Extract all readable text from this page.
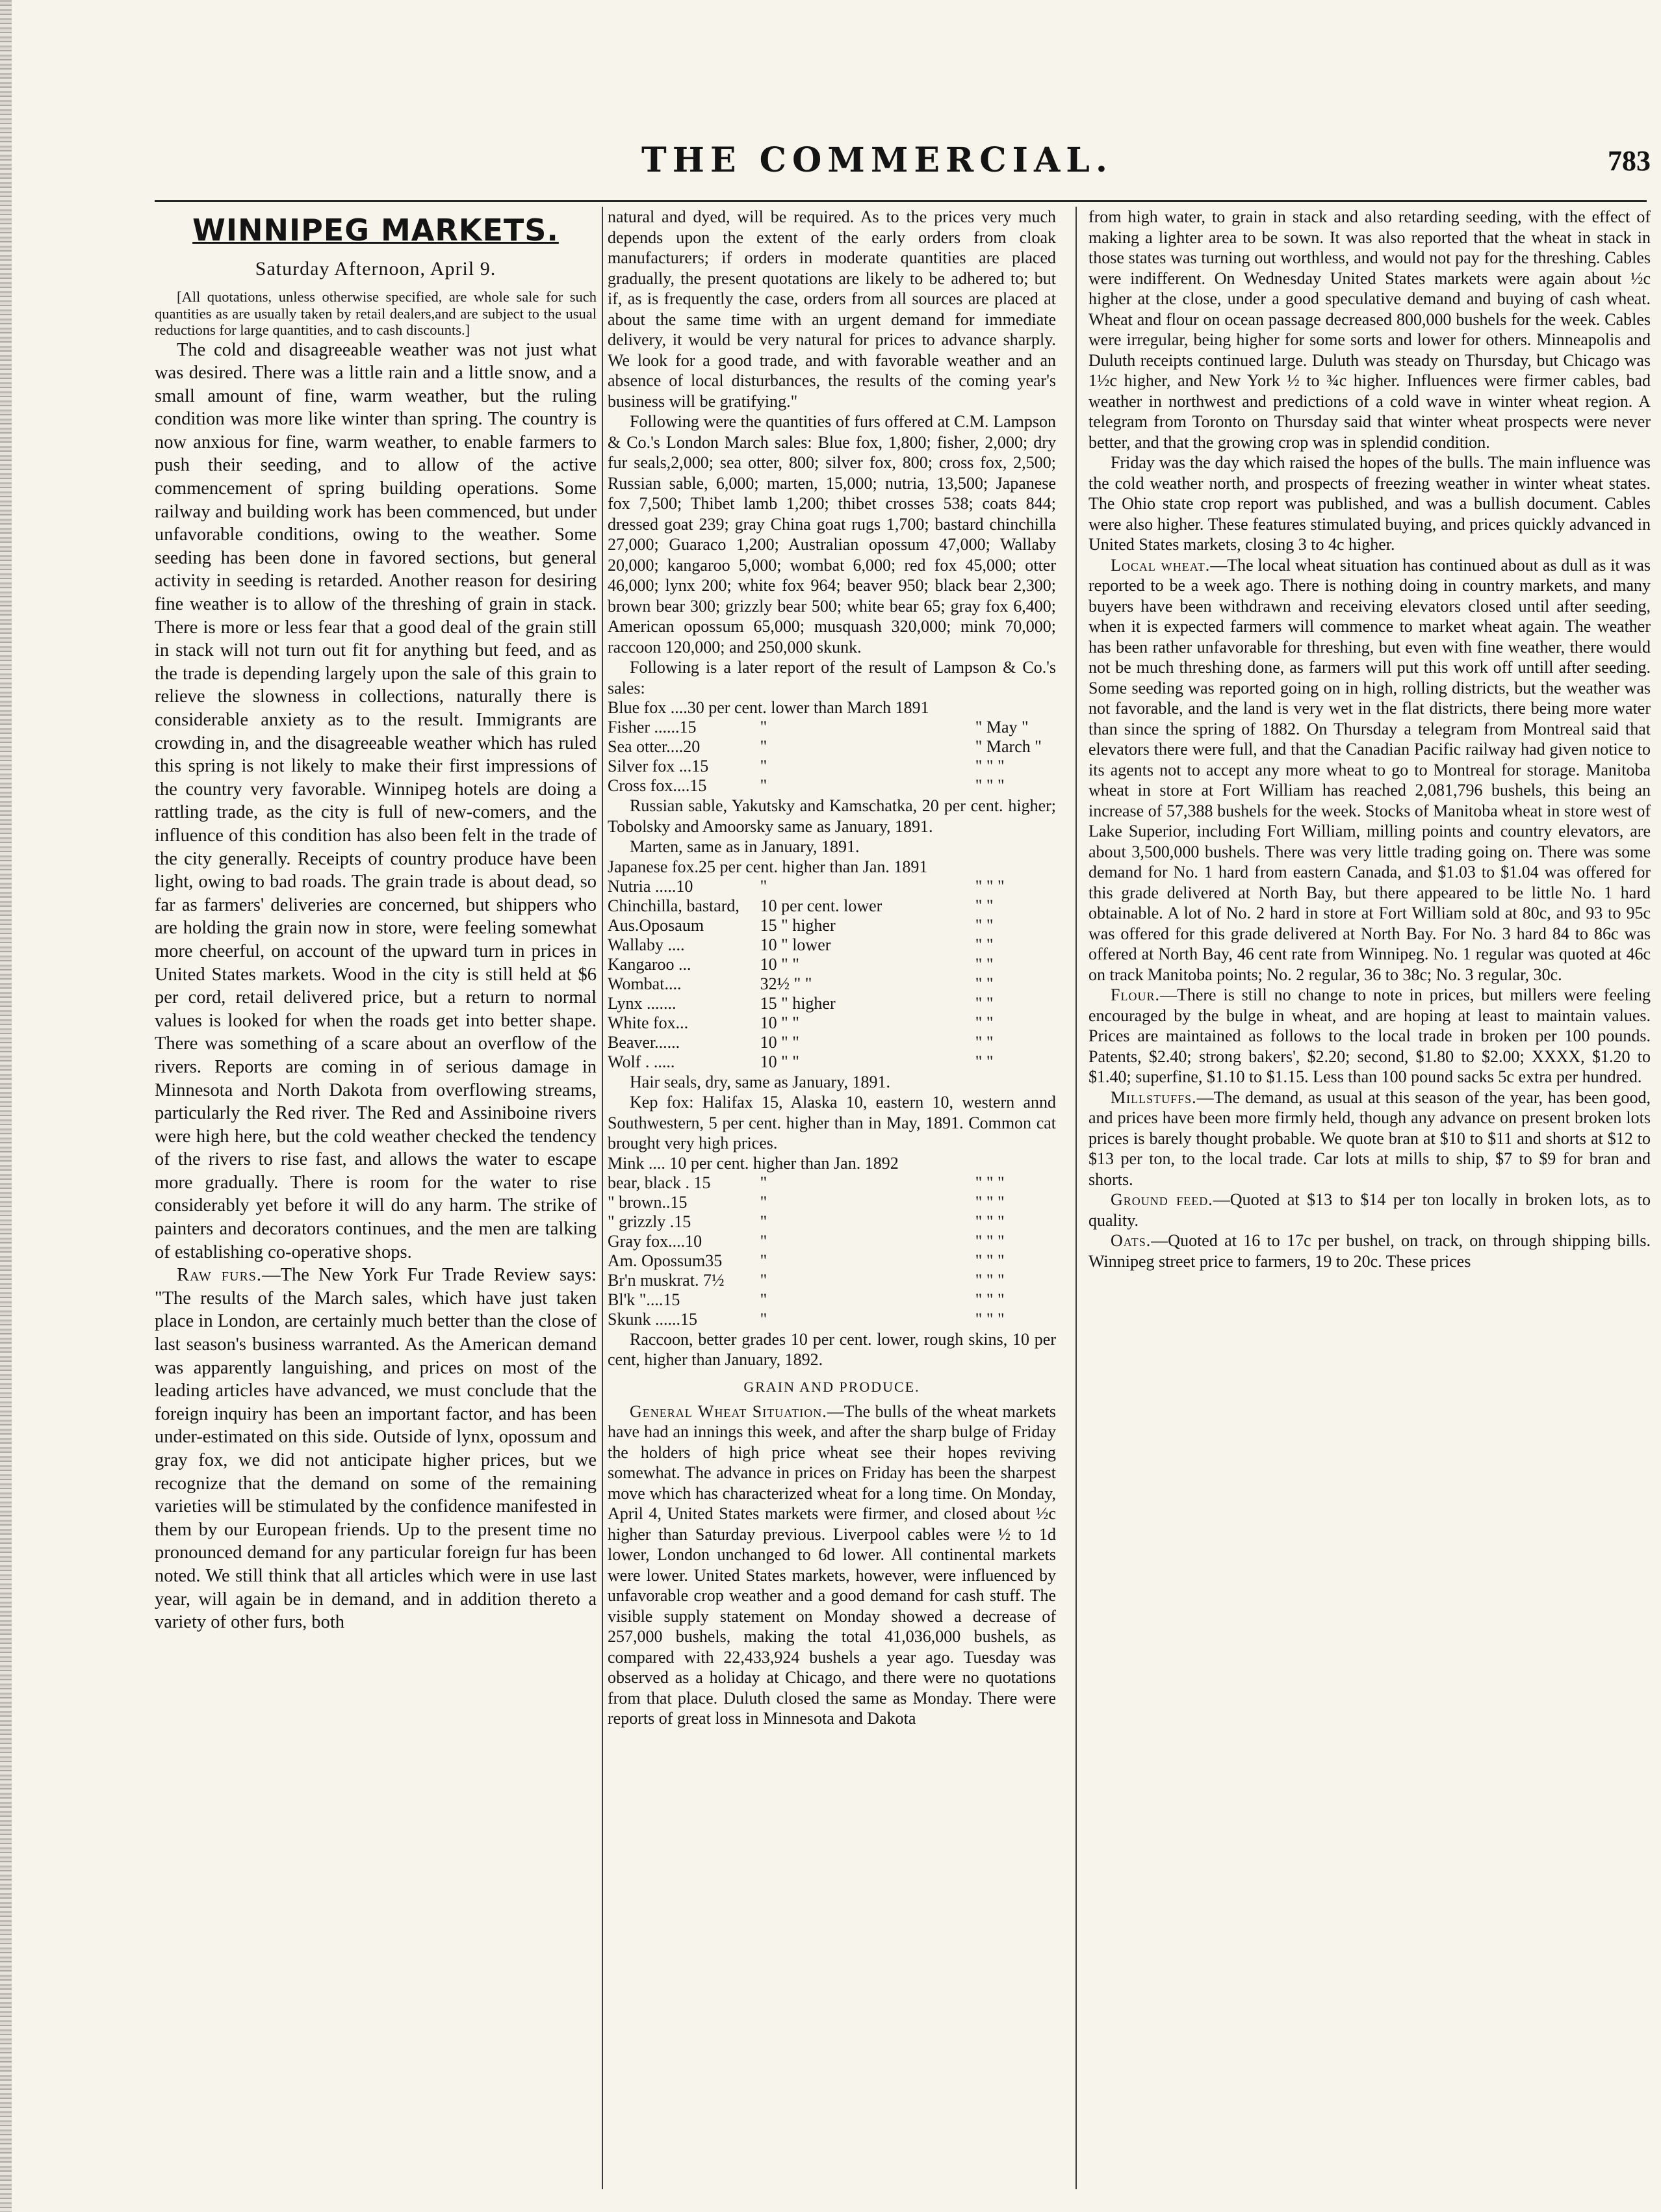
THE COMMERCIAL.	783
WINNIPEG MARKETS.
Saturday Afternoon, April 9.

[All quotations, unless otherwise specified, are whole sale for such quantities as are usually taken by retail dealers,and are subject to the usual reductions for large quantities, and to cash discounts.]

The cold and disagreeable weather was not just what was desired. There was a little rain and a little snow, and a small amount of fine, warm weather, but the ruling condition was more like winter than spring. The country is now anxious for fine, warm weather, to enable farmers to push their seeding, and to allow of the active commencement of spring building operations. Some railway and building work has been commenced, but under unfavorable conditions, owing to the weather. Some seeding has been done in favored sections, but general activity in seeding is retarded. Another reason for desiring fine weather is to allow of the threshing of grain in stack. There is more or less fear that a good deal of the grain still in stack will not turn out fit for anything but feed, and as the trade is depending largely upon the sale of this grain to relieve the slowness in collections, naturally there is considerable anxiety as to the result. Immigrants are crowding in, and the disagreeable weather which has ruled this spring is not likely to make their first impressions of the country very favorable. Winnipeg hotels are doing a rattling trade, as the city is full of new-comers, and the influence of this condition has also been felt in the trade of the city generally. Receipts of country produce have been light, owing to bad roads. The grain trade is about dead, so far as farmers' deliveries are concerned, but shippers who are holding the grain now in store, were feeling somewhat more cheerful, on account of the upward turn in prices in United States markets. Wood in the city is still held at $6 per cord, retail delivered price, but a return to normal values is looked for when the roads get into better shape. There was something of a scare about an overflow of the rivers. Reports are coming in of serious damage in Minnesota and North Dakota from overflowing streams, particularly the Red river. The Red and Assiniboine rivers were high here, but the cold weather checked the tendency of the rivers to rise fast, and allows the water to escape more gradually. There is room for the water to rise considerably yet before it will do any harm. The strike of painters and decorators continues, and the men are talking of establishing co-operative shops.

Raw furs.—The New York Fur Trade Review says: "The results of the March sales, which have just taken place in London, are certainly much better than the close of last season's business warranted. As the American demand was apparently languishing, and prices on most of the leading articles have advanced, we must conclude that the foreign inquiry has been an important factor, and has been under-estimated on this side. Outside of lynx, opossum and gray fox, we did not anticipate higher prices, but we recognize that the demand on some of the remaining varieties will be stimulated by the confidence manifested in them by our European friends. Up to the present time no pronounced demand for any particular foreign fur has been noted. We still think that all articles which were in use last year, will again be in demand, and in addition thereto a variety of other furs, both

natural and dyed, will be required. As to the prices very much depends upon the extent of the early orders from cloak manufacturers; if orders in moderate quantities are placed gradually, the present quotations are likely to be adhered to; but if, as is frequently the case, orders from all sources are placed at about the same time with an urgent demand for immediate delivery, it would be very natural for prices to advance sharply. We look for a good trade, and with favorable weather and an absence of local disturbances, the results of the coming year's business will be gratifying."

Following were the quantities of furs offered at C.M. Lampson & Co.'s London March sales: Blue fox, 1,800; fisher, 2,000; dry fur seals,2,000; sea otter, 800; silver fox, 800; cross fox, 2,500; Russian sable, 6,000; marten, 15,000; nutria, 13,500; Japanese fox 7,500; Thibet lamb 1,200; thibet crosses 538; coats 844; dressed goat 239; gray China goat rugs 1,700; bastard chinchilla 27,000; Guaraco 1,200; Australian opossum 47,000; Wallaby 20,000; kangaroo 5,000; wombat 6,000; red fox 45,000; otter 46,000; lynx 200; white fox 964; beaver 950; black bear 2,300; brown bear 300; grizzly bear 500; white bear 65; gray fox 6,400; American opossum 65,000; musquash 320,000; mink 70,000; raccoon 120,000; and 250,000 skunk.

Following is a later report of the result of Lampson & Co.'s sales:

Blue fox ....30 per cent. lower than March 1891		
Fisher ......15	"	" May "
Sea otter....20	"	" March "
Silver fox ...15	"	" " "
Cross fox....15	"	" " "

Russian sable, Yakutsky and Kamschatka, 20 per cent. higher; Tobolsky and Amoorsky same as January, 1891.

Marten, same as in January, 1891.

Japanese fox.25 per cent. higher than Jan. 1891		
Nutria .....10	"	" " "
Chinchilla, bastard,	10 per cent. lower	" "
Aus.Oposaum	15 " higher	" "
Wallaby ....	10 " lower	" "
Kangaroo ...	10 " "	" "
Wombat....	32½ " "	" "
Lynx .......	15 " higher	" "
White fox...	10 " "	" "
Beaver......	10 " "	" "
Wolf . .....	10 " "	" "

Hair seals, dry, same as January, 1891.

Kep fox: Halifax 15, Alaska 10, eastern 10, western annd Southwestern, 5 per cent. higher than in May, 1891. Common cat brought very high prices.

Mink .... 10 per cent. higher than Jan. 1892		
bear, black . 15	"	" " "
" brown..15	"	" " "
" grizzly .15	"	" " "
Gray fox....10	"	" " "
Am. Opossum35	"	" " "
Br'n muskrat. 7½	"	" " "
Bl'k "....15	"	" " "
Skunk ......15	"	" " "

Raccoon, better grades 10 per cent. lower, rough skins, 10 per cent, higher than January, 1892.

GRAIN AND PRODUCE.

General Wheat Situation.—The bulls of the wheat markets have had an innings this week, and after the sharp bulge of Friday the holders of high price wheat see their hopes reviving somewhat. The advance in prices on Friday has been the sharpest move which has characterized wheat for a long time. On Monday, April 4, United States markets were firmer, and closed about ½c higher than Saturday previous. Liverpool cables were ½ to 1d lower, London unchanged to 6d lower. All continental markets were lower. United States markets, however, were influenced by unfavorable crop weather and a good demand for cash stuff. The visible supply statement on Monday showed a decrease of 257,000 bushels, making the total 41,036,000 bushels, as compared with 22,433,924 bushels a year ago. Tuesday was observed as a holiday at Chicago, and there were no quotations from that place. Duluth closed the same as Monday. There were reports of great loss in Minnesota and Dakota

from high water, to grain in stack and also retarding seeding, with the effect of making a lighter area to be sown. It was also reported that the wheat in stack in those states was turning out worthless, and would not pay for the threshing. Cables were indifferent. On Wednesday United States markets were again about ½c higher at the close, under a good speculative demand and buying of cash wheat. Wheat and flour on ocean passage decreased 800,000 bushels for the week. Cables were irregular, being higher for some sorts and lower for others. Minneapolis and Duluth receipts continued large. Duluth was steady on Thursday, but Chicago was 1½c higher, and New York ½ to ¾c higher. Influences were firmer cables, bad weather in northwest and predictions of a cold wave in winter wheat region. A telegram from Toronto on Thursday said that winter wheat prospects were never better, and that the growing crop was in splendid condition.

Friday was the day which raised the hopes of the bulls. The main influence was the cold weather north, and prospects of freezing weather in winter wheat states. The Ohio state crop report was published, and was a bullish document. Cables were also higher. These features stimulated buying, and prices quickly advanced in United States markets, closing 3 to 4c higher.

Local wheat.—The local wheat situation has continued about as dull as it was reported to be a week ago. There is nothing doing in country markets, and many buyers have been withdrawn and receiving elevators closed until after seeding, when it is expected farmers will commence to market wheat again. The weather has been rather unfavorable for threshing, but even with fine weather, there would not be much threshing done, as farmers will put this work off untill after seeding. Some seeding was reported going on in high, rolling districts, but the weather was not favorable, and the land is very wet in the flat districts, there being more water than since the spring of 1882. On Thursday a telegram from Montreal said that elevators there were full, and that the Canadian Pacific railway had given notice to its agents not to accept any more wheat to go to Montreal for storage. Manitoba wheat in store at Fort William has reached 2,081,796 bushels, this being an increase of 57,388 bushels for the week. Stocks of Manitoba wheat in store west of Lake Superior, including Fort William, milling points and country elevators, are about 3,500,000 bushels. There was very little trading going on. There was some demand for No. 1 hard from eastern Canada, and $1.03 to $1.04 was offered for this grade delivered at North Bay, but there appeared to be little No. 1 hard obtainable. A lot of No. 2 hard in store at Fort William sold at 80c, and 93 to 95c was offered for this grade delivered at North Bay. For No. 3 hard 84 to 86c was offered at North Bay, 46 cent rate from Winnipeg. No. 1 regular was quoted at 46c on track Manitoba points; No. 2 regular, 36 to 38c; No. 3 regular, 30c.

Flour.—There is still no change to note in prices, but millers were feeling encouraged by the bulge in wheat, and are hoping at least to maintain values. Prices are maintained as follows to the local trade in broken per 100 pounds. Patents, $2.40; strong bakers', $2.20; second, $1.80 to $2.00; XXXX, $1.20 to $1.40; superfine, $1.10 to $1.15. Less than 100 pound sacks 5c extra per hundred.

Millstuffs.—The demand, as usual at this season of the year, has been good, and prices have been more firmly held, though any advance on present broken lots prices is barely thought probable. We quote bran at $10 to $11 and shorts at $12 to $13 per ton, to the local trade. Car lots at mills to ship, $7 to $9 for bran and shorts.

Ground feed.—Quoted at $13 to $14 per ton locally in broken lots, as to quality.

Oats.—Quoted at 16 to 17c per bushel, on track, on through shipping bills. Winnipeg street price to farmers, 19 to 20c. These prices
